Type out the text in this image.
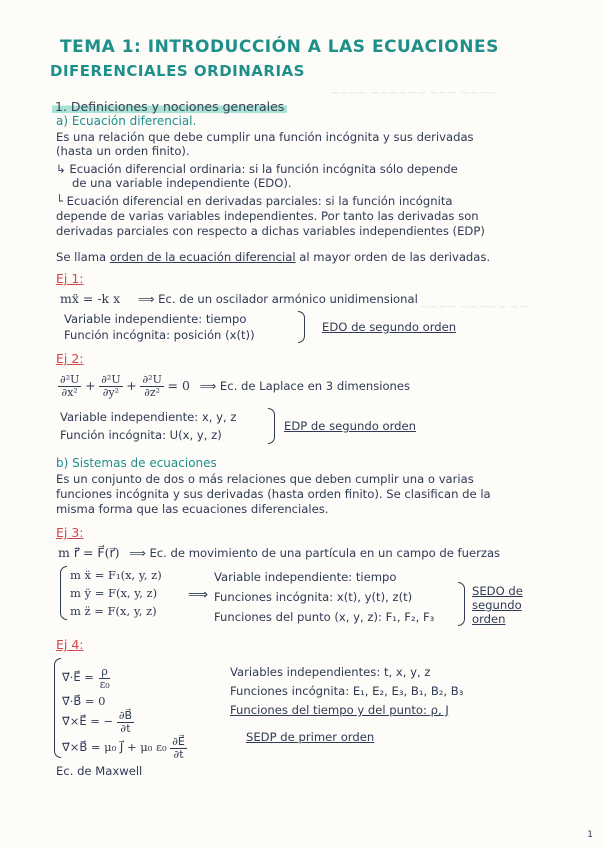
~~~~ ~~~~~~ ~~~ ~~~~
~~~~ ~~~~~ ~~
TEMA 1: INTRODUCCIÓN A LAS ECUACIONES
DIFERENCIALES ORDINARIAS
1. Definiciones y nociones generales
a) Ecuación diferencial.
Es una relación que debe cumplir una función incógnita y sus derivadas
(hasta un orden finito).
↳ Ecuación diferencial ordinaria: si la función incógnita sólo depende
de una variable independiente (EDO).
└ Ecuación diferencial en derivadas parciales: si la función incógnita
depende de varias variables independientes. Por tanto las derivadas son
derivadas parciales con respecto a dichas variables independientes (EDP)
Se llama orden de la ecuación diferencial al mayor orden de las derivadas.
Ej 1:
mẍ = -k x ⟹ Ec. de un oscilador armónico unidimensional
Variable independiente: tiempo
Función incógnita: posición (x(t))
EDO de segundo orden
Ej 2:
$\frac{\text{∂²U}}{\text{∂x²}} + \frac{\text{∂²U}}{\text{∂y²}} + \frac{\text{∂²U}}{\text{∂z²}} = 0$ ⟹ Ec. de Laplace en 3 dimensiones
Variable independiente: x, y, z
Función incógnita: U(x, y, z)
EDP de segundo orden
b) Sistemas de ecuaciones
Es un conjunto de dos o más relaciones que deben cumplir una o varias
funciones incógnita y sus derivadas (hasta orden finito). Se clasifican de la
misma forma que las ecuaciones diferenciales.
Ej 3:
m r⃗̈ = F⃗(r⃗) ⟹ Ec. de movimiento de una partícula en un campo de fuerzas
m ẍ = F₁(x, y, z)
m ÿ = F(x, y, z)
m z̈ = F(x, y, z)
⟹
Variable independiente: tiempo
Funciones incógnita: x(t), y(t), z(t)
Funciones del punto (x, y, z): F₁, F₂, F₃
SEDO de
segundo
orden
Ej 4:
∇⃗·E⃗ = $\frac{\rho}{\text{ε₀}}$
∇⃗·B⃗ = 0
∇⃗×E⃗ = − $\frac{\partial B⃗}{\partial t}$
∇⃗×B⃗ = μ₀ J⃗ + μ₀ $\varepsilon_0 \frac{\partial E⃗}{\partial t}$
Variables independientes: t, x, y, z
Funciones incógnita: E₁, E₂, E₃, B₁, B₂, B₃
Funciones del tiempo y del punto: ρ, J
SEDP de primer orden
Ec. de Maxwell
1
